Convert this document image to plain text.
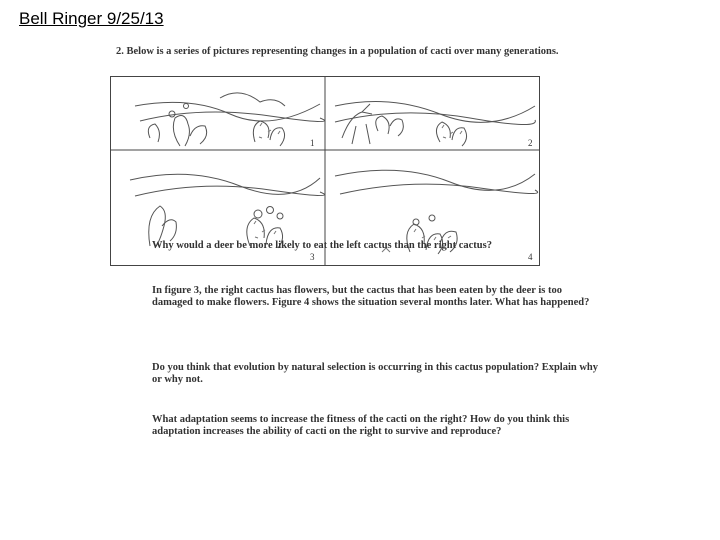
Bell Ringer 9/25/13
2. Below is a series of pictures representing changes in a population of cacti over many generations.
1	2
3	4
Why would a deer be more likely to eat the left cactus than the right cactus?
In figure 3, the right cactus has flowers, but the cactus that has been eaten by the deer is too damaged to make flowers. Figure 4 shows the situation several months later. What has happened?
Do you think that evolution by natural selection is occurring in this cactus population? Explain why or why not.
What adaptation seems to increase the fitness of the cacti on the right? How do you think this adaptation increases the ability of cacti on the right to survive and reproduce?
